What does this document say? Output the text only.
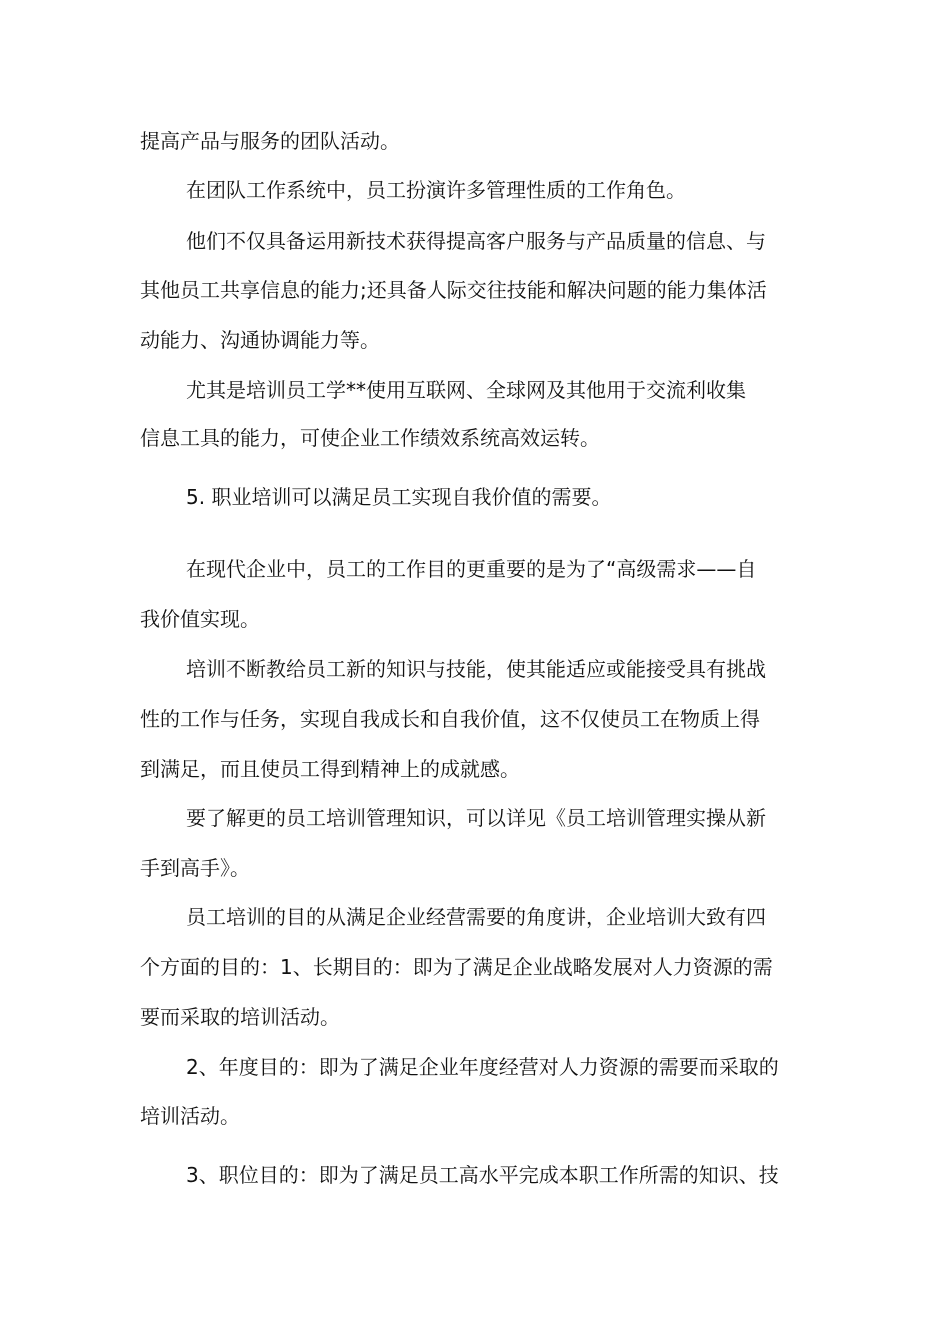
提高产品与服务的团队活动。
在团队工作系统中，员工扮演许多管理性质的工作角色。
他们不仅具备运用新技术获得提高客户服务与产品质量的信息、与
其他员工共享信息的能力;还具备人际交往技能和解决问题的能力集体活
动能力、沟通协调能力等。
尤其是培训员工学**使用互联网、全球网及其他用于交流利收集
信息工具的能力，可使企业工作绩效系统高效运转。
5. 职业培训可以满足员工实现自我价值的需要。
在现代企业中，员工的工作目的更重要的是为了“高级需求——自
我价值实现。
培训不断教给员工新的知识与技能，使其能适应或能接受具有挑战
性的工作与任务，实现自我成长和自我价值，这不仅使员工在物质上得
到满足，而且使员工得到精神上的成就感。
要了解更的员工培训管理知识，可以详见《员工培训管理实操从新
手到高手》。
员工培训的目的从满足企业经营需要的角度讲，企业培训大致有四
个方面的目的：1、长期目的：即为了满足企业战略发展对人力资源的需
要而采取的培训活动。
2、年度目的：即为了满足企业年度经营对人力资源的需要而采取的
培训活动。
3、职位目的：即为了满足员工高水平完成本职工作所需的知识、技
